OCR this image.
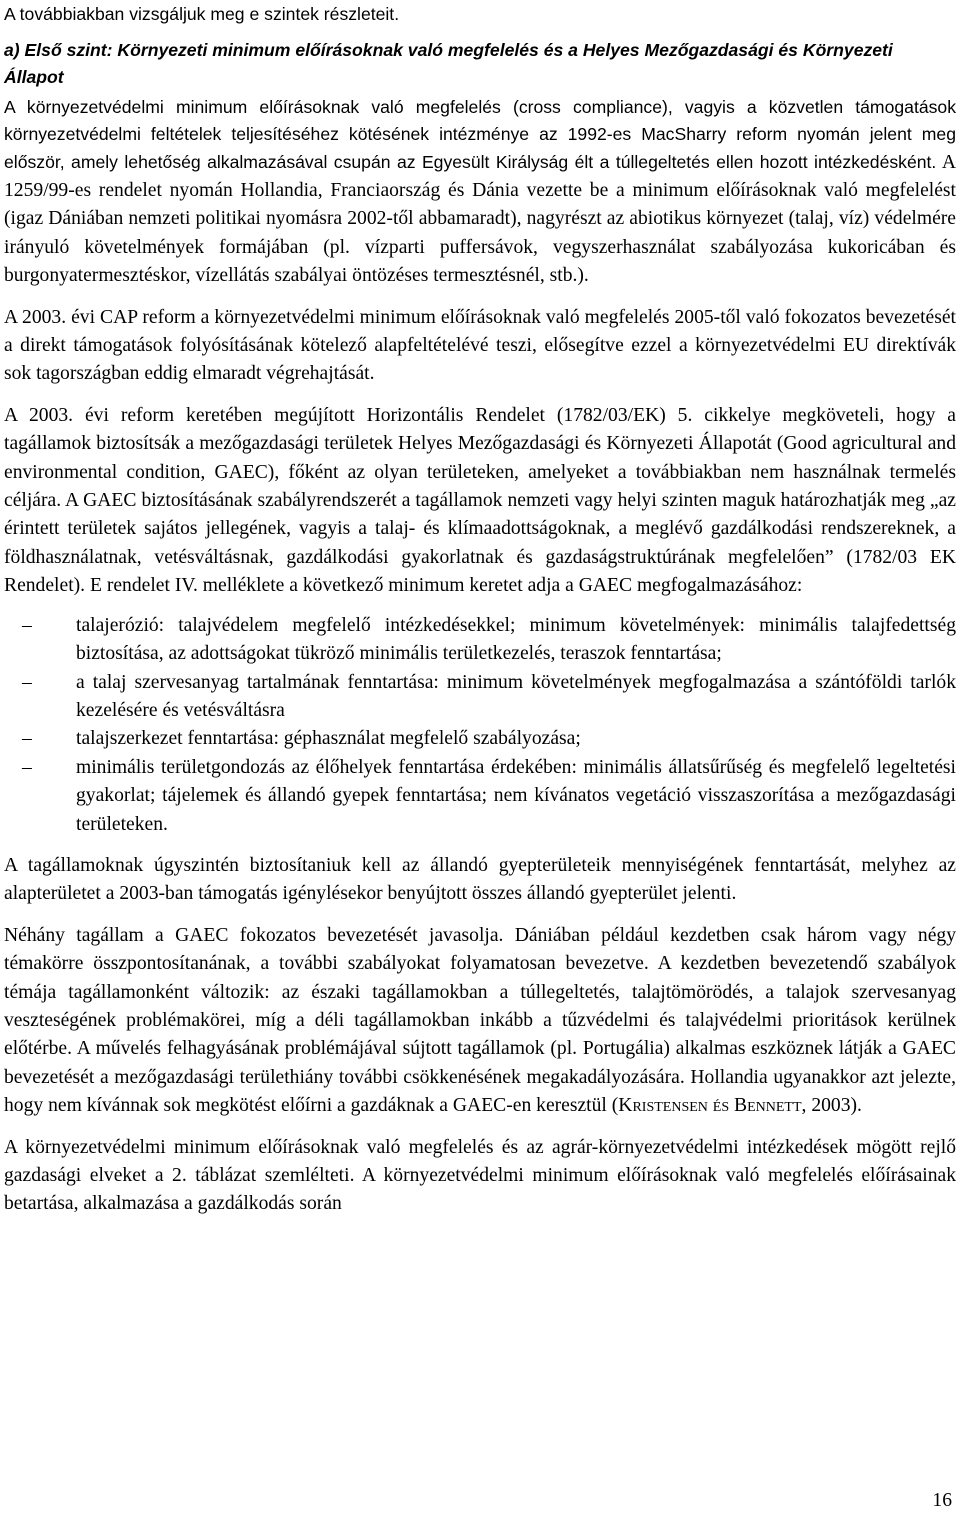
A továbbiakban vizsgáljuk meg e szintek részleteit.

a) Első szint: Környezeti minimum előírásoknak való megfelelés és a Helyes Mezőgazdasági és Környezeti Állapot

A környezetvédelmi minimum előírásoknak való megfelelés (cross compliance), vagyis a közvetlen támogatások környezetvédelmi feltételek teljesítéséhez kötésének intézménye az 1992-es MacSharry reform nyomán jelent meg először, amely lehetőség alkalmazásával csupán az Egyesült Királyság élt a túllegeltetés ellen hozott intézkedésként. A 1259/99-es rendelet nyomán Hollandia, Franciaország és Dánia vezette be a minimum előírásoknak való megfelelést (igaz Dániában nemzeti politikai nyomásra 2002-től abbamaradt), nagyrészt az abiotikus környezet (talaj, víz) védelmére irányuló követelmények formájában (pl. vízparti puffersávok, vegyszerhasználat szabályozása kukoricában és burgonyatermesztéskor, vízellátás szabályai öntözéses termesztésnél, stb.).

A 2003. évi CAP reform a környezetvédelmi minimum előírásoknak való megfelelés 2005-től való fokozatos bevezetését a direkt támogatások folyósításának kötelező alapfeltételévé teszi, elősegítve ezzel a környezetvédelmi EU direktívák sok tagországban eddig elmaradt végrehajtását.

A 2003. évi reform keretében megújított Horizontális Rendelet (1782/03/EK) 5. cikkelye megköveteli, hogy a tagállamok biztosítsák a mezőgazdasági területek Helyes Mezőgazdasági és Környezeti Állapotát (Good agricultural and environmental condition, GAEC), főként az olyan területeken, amelyeket a továbbiakban nem használnak termelés céljára. A GAEC biztosításának szabályrendszerét a tagállamok nemzeti vagy helyi szinten maguk határozhatják meg „az érintett területek sajátos jellegének, vagyis a talaj- és klímaadottságoknak, a meglévő gazdálkodási rendszereknek, a földhasználatnak, vetésváltásnak, gazdálkodási gyakorlatnak és gazdaságstruktúrának megfelelően” (1782/03 EK Rendelet). E rendelet IV. melléklete a következő minimum keretet adja a GAEC megfogalmazásához:

– talajerózió: talajvédelem megfelelő intézkedésekkel; minimum követelmények: minimális talajfedettség biztosítása, az adottságokat tükröző minimális területkezelés, teraszok fenntartása;
– a talaj szervesanyag tartalmának fenntartása: minimum követelmények megfogalmazása a szántóföldi tarlók kezelésére és vetésváltásra
– talajszerkezet fenntartása: géphasználat megfelelő szabályozása;
– minimális területgondozás az élőhelyek fenntartása érdekében: minimális állatsűrűség és megfelelő legeltetési gyakorlat; tájelemek és állandó gyepek fenntartása; nem kívánatos vegetáció visszaszorítása a mezőgazdasági területeken.

A tagállamoknak úgyszintén biztosítaniuk kell az állandó gyepterületeik mennyiségének fenntartását, melyhez az alapterületet a 2003-ban támogatás igénylésekor benyújtott összes állandó gyepterület jelenti.

Néhány tagállam a GAEC fokozatos bevezetését javasolja. Dániában például kezdetben csak három vagy négy témakörre összpontosítanának, a további szabályokat folyamatosan bevezetve. A kezdetben bevezetendő szabályok témája tagállamonként változik: az északi tagállamokban a túllegeltetés, talajtömörödés, a talajok szervesanyag veszteségének problémakörei, míg a déli tagállamokban inkább a tűzvédelmi és talajvédelmi prioritások kerülnek előtérbe. A művelés felhagyásának problémájával sújtott tagállamok (pl. Portugália) alkalmas eszköznek látják a GAEC bevezetését a mezőgazdasági területhiány további csökkenésének megakadályozására. Hollandia ugyanakkor azt jelezte, hogy nem kívánnak sok megkötést előírni a gazdáknak a GAEC-en keresztül (Kristensen és Bennett, 2003).

A környezetvédelmi minimum előírásoknak való megfelelés és az agrár-környezetvédelmi intézkedések mögött rejlő gazdasági elveket a 2. táblázat szemlélteti. A környezetvédelmi minimum előírásoknak való megfelelés előírásainak betartása, alkalmazása a gazdálkodás során

16
